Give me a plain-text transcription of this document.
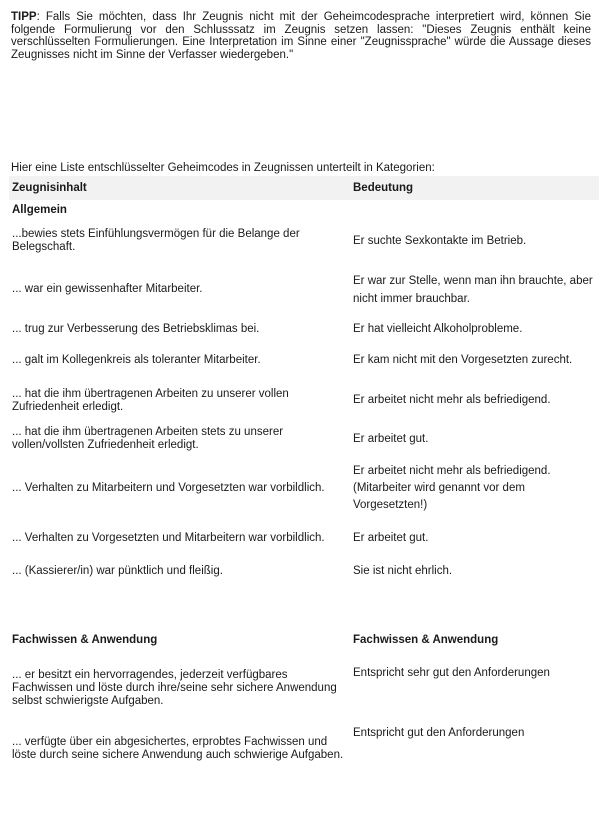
TIPP: Falls Sie möchten, dass Ihr Zeugnis nicht mit der Geheimcodesprache interpretiert wird, können Sie folgende Formulierung vor den Schlusssatz im Zeugnis setzen lassen: "Dieses Zeugnis enthält keine verschlüsselten Formulierungen. Eine Interpretation im Sinne einer "Zeugnissprache" würde die Aussage dieses Zeugnisses nicht im Sinne der Verfasser wiedergeben."

Hier eine Liste entschlüsselter Geheimcodes in Zeugnissen unterteilt in Kategorien:

Zeugnisinhalt	Bedeutung
Allgemein	
...bewies stets Einfühlungsvermögen für die Belange der Belegschaft.	Er suchte Sexkontakte im Betrieb.
... war ein gewissenhafter Mitarbeiter.	Er war zur Stelle, wenn man ihn brauchte, aber nicht immer brauchbar.
... trug zur Verbesserung des Betriebsklimas bei.	Er hat vielleicht Alkoholprobleme.
... galt im Kollegenkreis als toleranter Mitarbeiter.	Er kam nicht mit den Vorgesetzten zurecht.
... hat die ihm übertragenen Arbeiten zu unserer vollen Zufriedenheit erledigt.	Er arbeitet nicht mehr als befriedigend.
... hat die ihm übertragenen Arbeiten stets zu unserer vollen/vollsten Zufriedenheit erledigt.	Er arbeitet gut.
... Verhalten zu Mitarbeitern und Vorgesetzten war vorbildlich.	Er arbeitet nicht mehr als befriedigend. (Mitarbeiter wird genannt vor dem Vorgesetzten!)
... Verhalten zu Vorgesetzten und Mitarbeitern war vorbildlich.	Er arbeitet gut.
... (Kassierer/in) war pünktlich und fleißig.	Sie ist nicht ehrlich.

Fachwissen & Anwendung	Fachwissen & Anwendung
... er besitzt ein hervorragendes, jederzeit verfügbares Fachwissen und löste durch ihre/seine sehr sichere Anwendung selbst schwierigste Aufgaben.	Entspricht sehr gut den Anforderungen
... verfügte über ein abgesichertes, erprobtes Fachwissen und löste durch seine sichere Anwendung auch schwierige Aufgaben.	Entspricht gut den Anforderungen
